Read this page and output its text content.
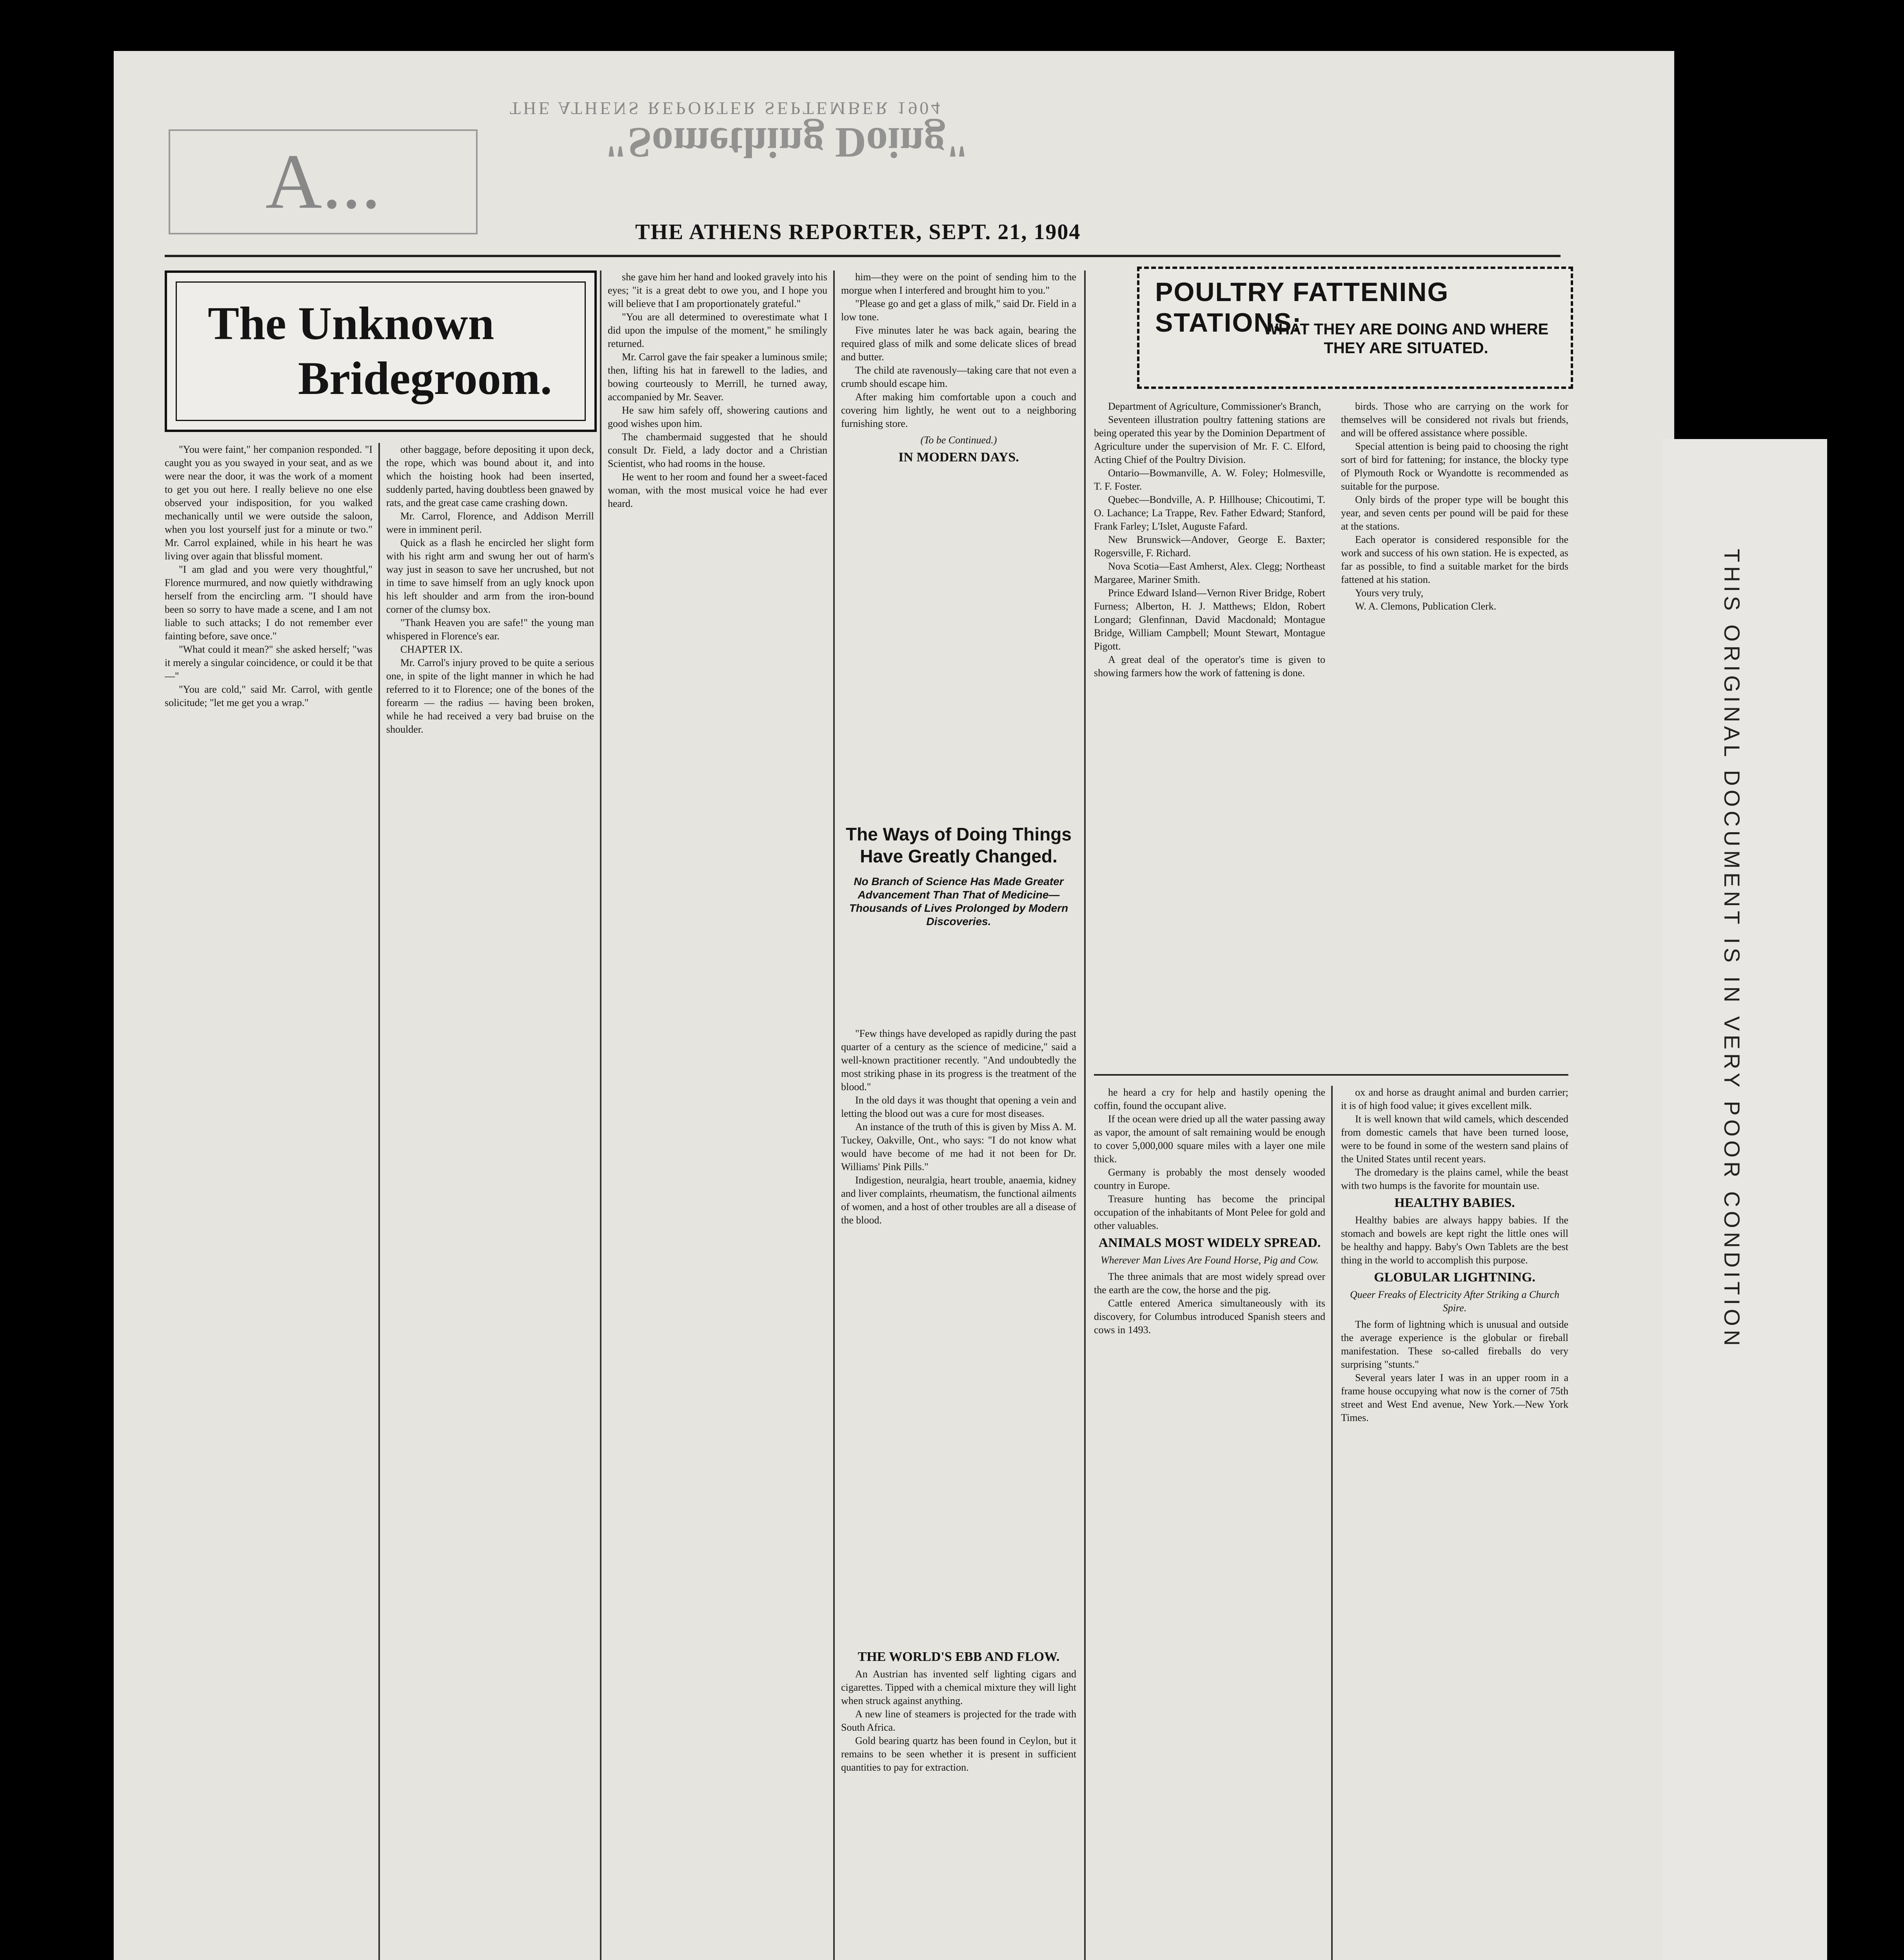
THIS ORIGINAL DOCUMENT IS IN VERY POOR CONDITION
A...
THE ATHENS REPORTER SEPTEMBER 1904
"Something Doing"
THE ATHENS REPORTER, SEPT. 21, 1904
The Unknown
Bridegroom.

"You were faint," her companion responded. "I caught you as you swayed in your seat, and as we were near the door, it was the work of a moment to get you out here. I really believe no one else observed your indisposition, for you walked mechanically until we were outside the saloon, when you lost yourself just for a minute or two." Mr. Carrol explained, while in his heart he was living over again that blissful moment.

"I am glad and you were very thoughtful," Florence murmured, and now quietly withdrawing herself from the encircling arm. "I should have been so sorry to have made a scene, and I am not liable to such attacks; I do not remember ever fainting before, save once."

"What could it mean?" she asked herself; "was it merely a singular coincidence, or could it be that—"

"You are cold," said Mr. Carrol, with gentle solicitude; "let me get you a wrap."

other baggage, before depositing it upon deck, the rope, which was bound about it, and into which the hoisting hook had been inserted, suddenly parted, having doubtless been gnawed by rats, and the great case came crashing down.

Mr. Carrol, Florence, and Addison Merrill were in imminent peril.

Quick as a flash he encircled her slight form with his right arm and swung her out of harm's way just in season to save her uncrushed, but not in time to save himself from an ugly knock upon his left shoulder and arm from the iron-bound corner of the clumsy box.

"Thank Heaven you are safe!" the young man whispered in Florence's ear.

CHAPTER IX.

Mr. Carrol's injury proved to be quite a serious one, in spite of the light manner in which he had referred to it to Florence; one of the bones of the forearm — the radius — having been broken, while he had received a very bad bruise on the shoulder.

she gave him her hand and looked gravely into his eyes; "it is a great debt to owe you, and I hope you will believe that I am proportionately grateful."

"You are all determined to overestimate what I did upon the impulse of the moment," he smilingly returned.

Mr. Carrol gave the fair speaker a luminous smile; then, lifting his hat in farewell to the ladies, and bowing courteously to Merrill, he turned away, accompanied by Mr. Seaver.

He saw him safely off, showering cautions and good wishes upon him.

The chambermaid suggested that he should consult Dr. Field, a lady doctor and a Christian Scientist, who had rooms in the house.

He went to her room and found her a sweet-faced woman, with the most musical voice he had ever heard.

him—they were on the point of sending him to the morgue when I interfered and brought him to you."

"Please go and get a glass of milk," said Dr. Field in a low tone.

Five minutes later he was back again, bearing the required glass of milk and some delicate slices of bread and butter.

The child ate ravenously—taking care that not even a crumb should escape him.

After making him comfortable upon a couch and covering him lightly, he went out to a neighboring furnishing store.

(To be Continued.)

IN MODERN DAYS.
The Ways of Doing Things Have Greatly Changed.
No Branch of Science Has Made Greater Advancement Than That of Medicine—Thousands of Lives Prolonged by Modern Discoveries.

"Few things have developed as rapidly during the past quarter of a century as the science of medicine," said a well-known practitioner recently. "And undoubtedly the most striking phase in its progress is the treatment of the blood."

In the old days it was thought that opening a vein and letting the blood out was a cure for most diseases.

An instance of the truth of this is given by Miss A. M. Tuckey, Oakville, Ont., who says: "I do not know what would have become of me had it not been for Dr. Williams' Pink Pills."

Indigestion, neuralgia, heart trouble, anaemia, kidney and liver complaints, rheumatism, the functional ailments of women, and a host of other troubles are all a disease of the blood.

THE WORLD'S EBB AND FLOW.

An Austrian has invented self lighting cigars and cigarettes. Tipped with a chemical mixture they will light when struck against anything.

A new line of steamers is projected for the trade with South Africa.

Gold bearing quartz has been found in Ceylon, but it remains to be seen whether it is present in sufficient quantities to pay for extraction.

POULTRY FATTENING STATIONS:
WHAT THEY ARE DOING AND WHERE THEY ARE SITUATED.

Department of Agriculture, Commissioner's Branch,

Seventeen illustration poultry fattening stations are being operated this year by the Dominion Department of Agriculture under the supervision of Mr. F. C. Elford, Acting Chief of the Poultry Division.

Ontario—Bowmanville, A. W. Foley; Holmesville, T. F. Foster.

Quebec—Bondville, A. P. Hillhouse; Chicoutimi, T. O. Lachance; La Trappe, Rev. Father Edward; Stanford, Frank Farley; L'Islet, Auguste Fafard.

New Brunswick—Andover, George E. Baxter; Rogersville, F. Richard.

Nova Scotia—East Amherst, Alex. Clegg; Northeast Margaree, Mariner Smith.

Prince Edward Island—Vernon River Bridge, Robert Furness; Alberton, H. J. Matthews; Eldon, Robert Longard; Glenfinnan, David Macdonald; Montague Bridge, William Campbell; Mount Stewart, Montague Pigott.

A great deal of the operator's time is given to showing farmers how the work of fattening is done.

birds. Those who are carrying on the work for themselves will be considered not rivals but friends, and will be offered assistance where possible.

Special attention is being paid to choosing the right sort of bird for fattening; for instance, the blocky type of Plymouth Rock or Wyandotte is recommended as suitable for the purpose.

Only birds of the proper type will be bought this year, and seven cents per pound will be paid for these at the stations.

Each operator is considered responsible for the work and success of his own station. He is expected, as far as possible, to find a suitable market for the birds fattened at his station.

Yours very truly,

W. A. Clemons, Publication Clerk.

he heard a cry for help and hastily opening the coffin, found the occupant alive.

If the ocean were dried up all the water passing away as vapor, the amount of salt remaining would be enough to cover 5,000,000 square miles with a layer one mile thick.

Germany is probably the most densely wooded country in Europe.

Treasure hunting has become the principal occupation of the inhabitants of Mont Pelee for gold and other valuables.

ANIMALS MOST WIDELY SPREAD.

Wherever Man Lives Are Found Horse, Pig and Cow.

The three animals that are most widely spread over the earth are the cow, the horse and the pig.

Cattle entered America simultaneously with its discovery, for Columbus introduced Spanish steers and cows in 1493.

ox and horse as draught animal and burden carrier; it is of high food value; it gives excellent milk.

It is well known that wild camels, which descended from domestic camels that have been turned loose, were to be found in some of the western sand plains of the United States until recent years.

The dromedary is the plains camel, while the beast with two humps is the favorite for mountain use.

HEALTHY BABIES.

Healthy babies are always happy babies. If the stomach and bowels are kept right the little ones will be healthy and happy. Baby's Own Tablets are the best thing in the world to accomplish this purpose.

GLOBULAR LIGHTNING.

Queer Freaks of Electricity After Striking a Church Spire.

The form of lightning which is unusual and outside the average experience is the globular or fireball manifestation. These so-called fireballs do very surprising "stunts."

Several years later I was in an upper room in a frame house occupying what now is the corner of 75th street and West End avenue, New York.—New York Times.
